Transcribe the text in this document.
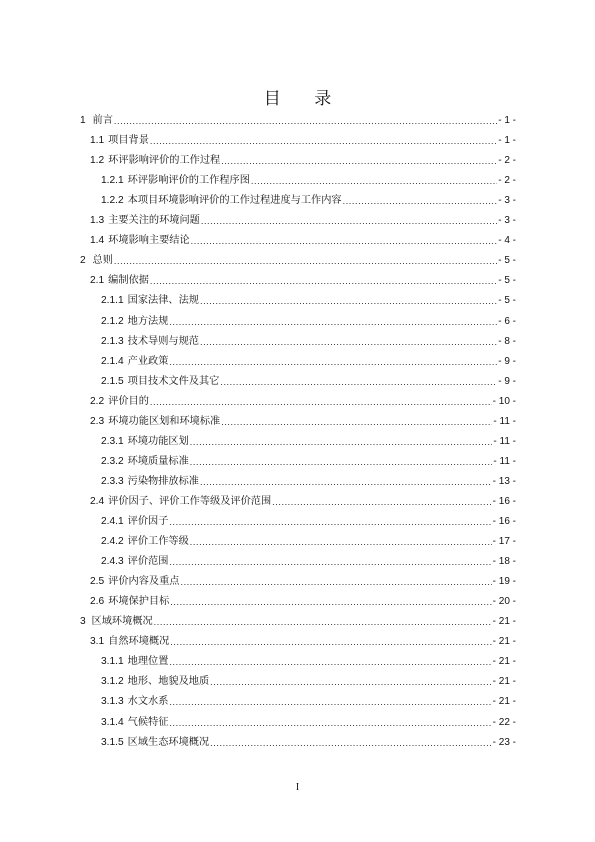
目 录
1 前言 .....	- 1 -
1.1 项目背景 .....	- 1 -
1.2 环评影响评价的工作过程 .....	- 2 -
1.2.1 环评影响评价的工作程序图 .....	- 2 -
1.2.2 本项目环境影响评价的工作过程进度与工作内容 .....	- 3 -
1.3 主要关注的环境问题 .....	- 3 -
1.4 环境影响主要结论 .....	- 4 -
2 总则 .....	- 5 -
2.1 编制依据 .....	- 5 -
2.1.1 国家法律、法规 .....	- 5 -
2.1.2 地方法规 .....	- 6 -
2.1.3 技术导则与规范 .....	- 8 -
2.1.4 产业政策 .....	- 9 -
2.1.5 项目技术文件及其它 .....	- 9 -
2.2 评价目的 .....	- 10 -
2.3 环境功能区划和环境标准 .....	- 11 -
2.3.1 环境功能区划 .....	- 11 -
2.3.2 环境质量标准 .....	- 11 -
2.3.3 污染物排放标准 .....	- 13 -
2.4 评价因子、评价工作等级及评价范围 .....	- 16 -
2.4.1 评价因子 .....	- 16 -
2.4.2 评价工作等级 .....	- 17 -
2.4.3 评价范围 .....	- 18 -
2.5 评价内容及重点 .....	- 19 -
2.6 环境保护目标 .....	- 20 -
3 区域环境概况 .....	- 21 -
3.1 自然环境概况 .....	- 21 -
3.1.1 地理位置 .....	- 21 -
3.1.2 地形、地貌及地质 .....	- 21 -
3.1.3 水文水系 .....	- 21 -
3.1.4 气候特征 .....	- 22 -
3.1.5 区域生态环境概况 .....	- 23 -
I
